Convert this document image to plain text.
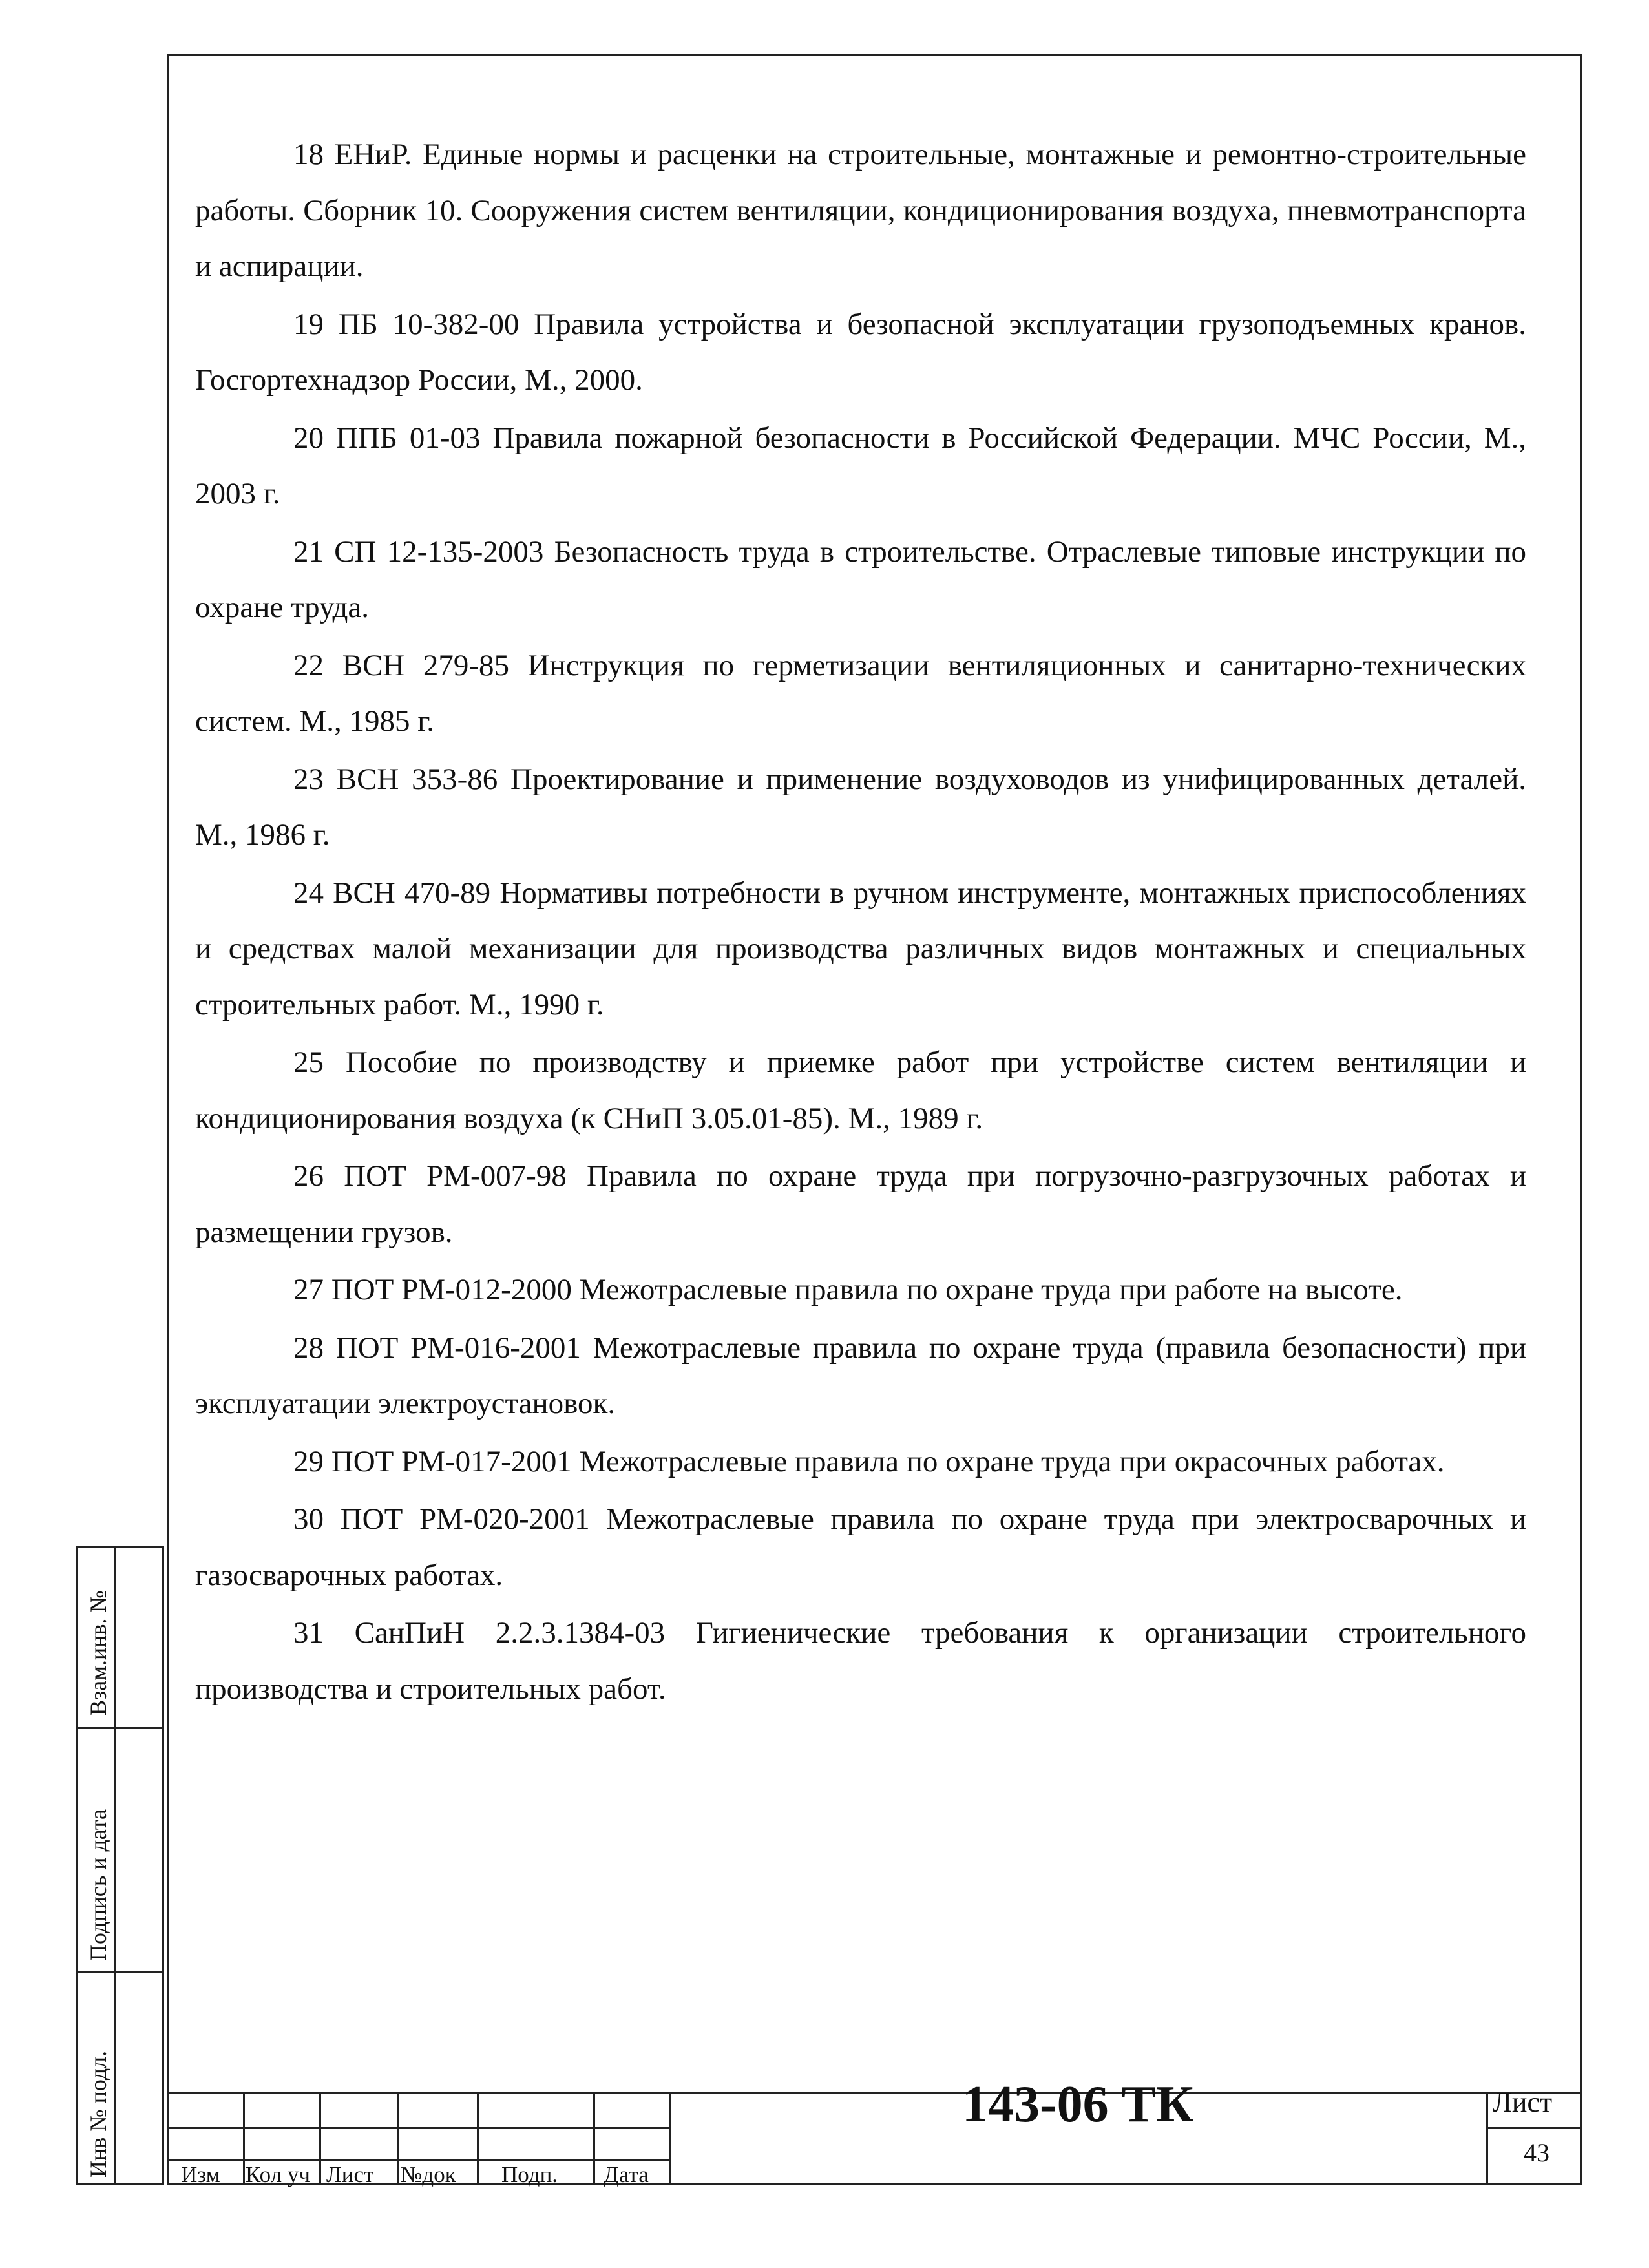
18 ЕНиР. Единые нормы и расценки на строительные, монтажные и ремонтно-строительные работы. Сборник 10. Сооружения систем вентиляции, кондиционирования воздуха, пневмотранспорта и аспирации.

19 ПБ 10-382-00 Правила устройства и безопасной эксплуатации грузоподъемных кранов. Госгортехнадзор России, М., 2000.

20 ППБ 01-03 Правила пожарной безопасности в Российской Федерации. МЧС России, М., 2003 г.

21 СП 12-135-2003 Безопасность труда в строительстве. Отраслевые типовые инструкции по охране труда.

22 ВСН 279-85 Инструкция по герметизации вентиляционных и санитарно-технических систем. М., 1985 г.

23 ВСН 353-86 Проектирование и применение воздуховодов из унифицированных деталей. М., 1986 г.

24 ВСН 470-89 Нормативы потребности в ручном инструменте, монтажных приспособлениях и средствах малой механизации для производства различных видов монтажных и специальных строительных работ. М., 1990 г.

25 Пособие по производству и приемке работ при устройстве систем вентиляции и кондиционирования воздуха (к СНиП 3.05.01-85). М., 1989 г.

26 ПОТ РМ-007-98 Правила по охране труда при погрузочно-разгрузочных работах и размещении грузов.

27 ПОТ РМ-012-2000 Межотраслевые правила по охране труда при работе на высоте.

28 ПОТ РМ-016-2001 Межотраслевые правила по охране труда (правила безопасности) при эксплуатации электроустановок.

29 ПОТ РМ-017-2001 Межотраслевые правила по охране труда при окрасочных работах.

30 ПОТ РМ-020-2001 Межотраслевые правила по охране труда при электросварочных и газосварочных работах.

31 СанПиН 2.2.3.1384-03 Гигиенические требования к организации строительного производства и строительных работ.

Взам.инв. №
Подпись и дата
Инв № подл.	Изм Кол уч Лист №док Подп. Дата
143-06 ТК	Лист
43
